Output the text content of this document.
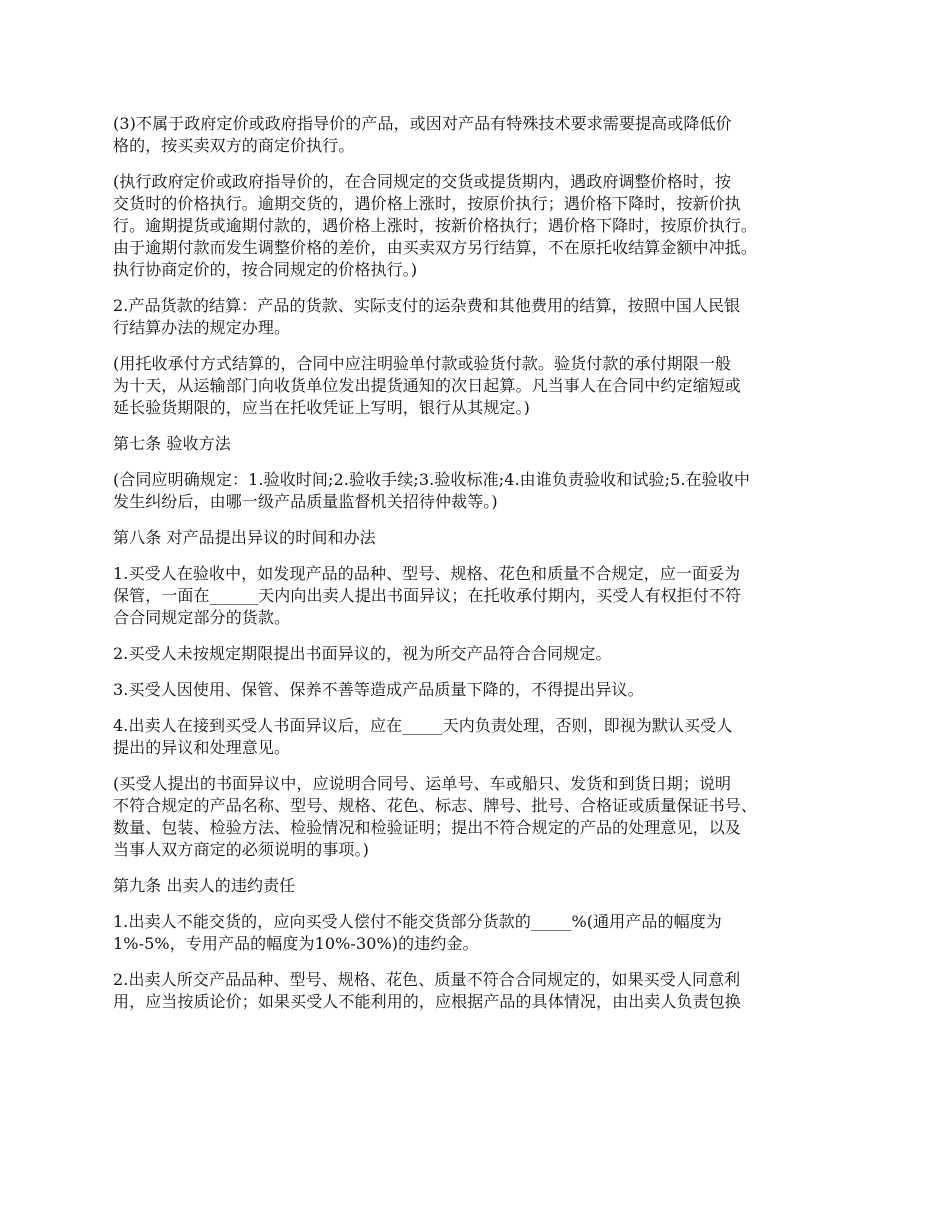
(3)不属于政府定价或政府指导价的产品，或因对产品有特殊技术要求需要提高或降低价
格的，按买卖双方的商定价执行。

(执行政府定价或政府指导价的，在合同规定的交货或提货期内，遇政府调整价格时，按
交货时的价格执行。逾期交货的，遇价格上涨时，按原价执行；遇价格下降时，按新价执
行。逾期提货或逾期付款的，遇价格上涨时，按新价格执行；遇价格下降时，按原价执行。
由于逾期付款而发生调整价格的差价，由买卖双方另行结算，不在原托收结算金额中冲抵。
执行协商定价的，按合同规定的价格执行。)

2.产品货款的结算：产品的货款、实际支付的运杂费和其他费用的结算，按照中国人民银
行结算办法的规定办理。

(用托收承付方式结算的，合同中应注明验单付款或验货付款。验货付款的承付期限一般
为十天，从运输部门向收货单位发出提货通知的次日起算。凡当事人在合同中约定缩短或
延长验货期限的，应当在托收凭证上写明，银行从其规定。)

第七条 验收方法

(合同应明确规定：1.验收时间;2.验收手续;3.验收标准;4.由谁负责验收和试验;5.在验收中
发生纠纷后，由哪一级产品质量监督机关招待仲裁等。)

第八条 对产品提出异议的时间和办法

1.买受人在验收中，如发现产品的品种、型号、规格、花色和质量不合规定，应一面妥为
保管，一面在______天内向出卖人提出书面异议；在托收承付期内，买受人有权拒付不符
合合同规定部分的货款。

2.买受人未按规定期限提出书面异议的，视为所交产品符合合同规定。

3.买受人因使用、保管、保养不善等造成产品质量下降的，不得提出异议。

4.出卖人在接到买受人书面异议后，应在_____天内负责处理，否则，即视为默认买受人
提出的异议和处理意见。

(买受人提出的书面异议中，应说明合同号、运单号、车或船只、发货和到货日期；说明
不符合规定的产品名称、型号、规格、花色、标志、牌号、批号、合格证或质量保证书号、
数量、包装、检验方法、检验情况和检验证明；提出不符合规定的产品的处理意见，以及
当事人双方商定的必须说明的事项。)

第九条 出卖人的违约责任

1.出卖人不能交货的，应向买受人偿付不能交货部分货款的_____%(通用产品的幅度为
1%-5%，专用产品的幅度为10%-30%)的违约金。

2.出卖人所交产品品种、型号、规格、花色、质量不符合合同规定的，如果买受人同意利
用，应当按质论价；如果买受人不能利用的，应根据产品的具体情况，由出卖人负责包换
